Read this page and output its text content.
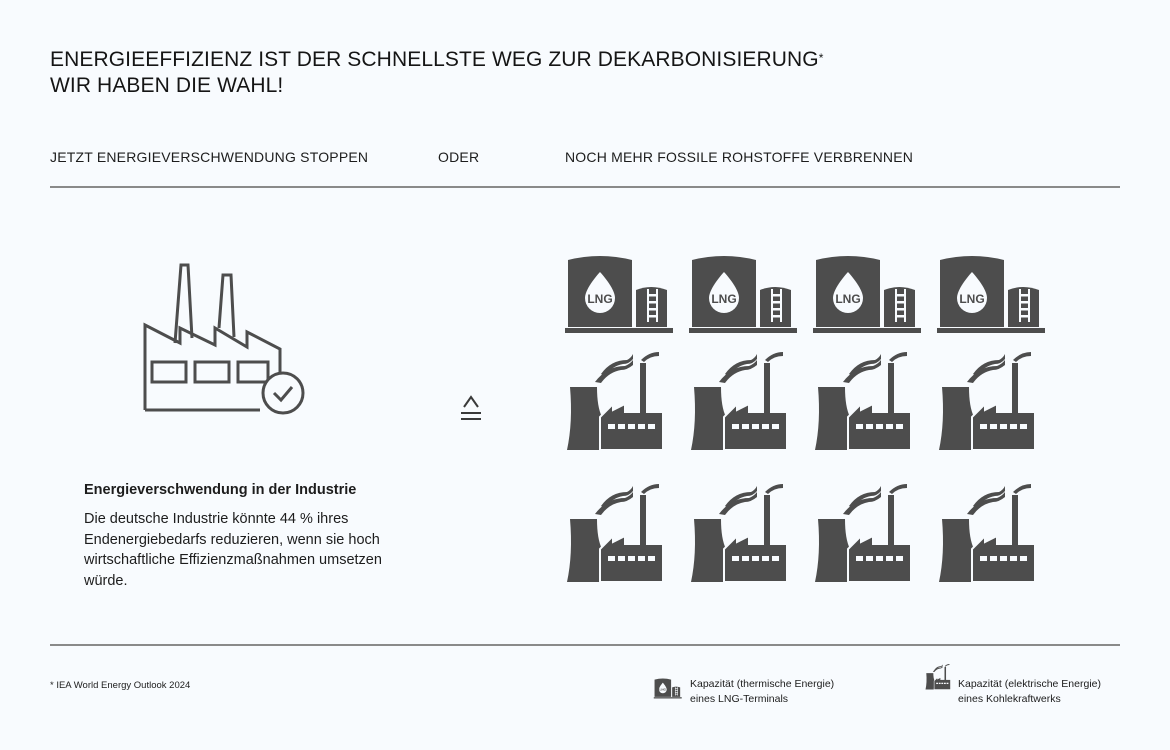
ENERGIEEFFIZIENZ IST DER SCHNELLSTE WEG ZUR DEKARBONISIERUNG*
WIR HABEN DIE WAHL!
JETZT ENERGIEVERSCHWENDUNG STOPPEN	ODER	NOCH MEHR FOSSILE ROHSTOFFE VERBRENNEN
Energieverschwendung in der Industrie
Die deutsche Industrie könnte 44 % ihres Endenergiebedarfs reduzieren, wenn sie hoch wirtschaftliche Effizienzmaßnahmen umsetzen würde.
* IEA World Energy Outlook 2024	Kapazität (thermische Energie)
eines LNG-Terminals
Kapazität (elektrische Energie)
eines Kohlekraftwerks
